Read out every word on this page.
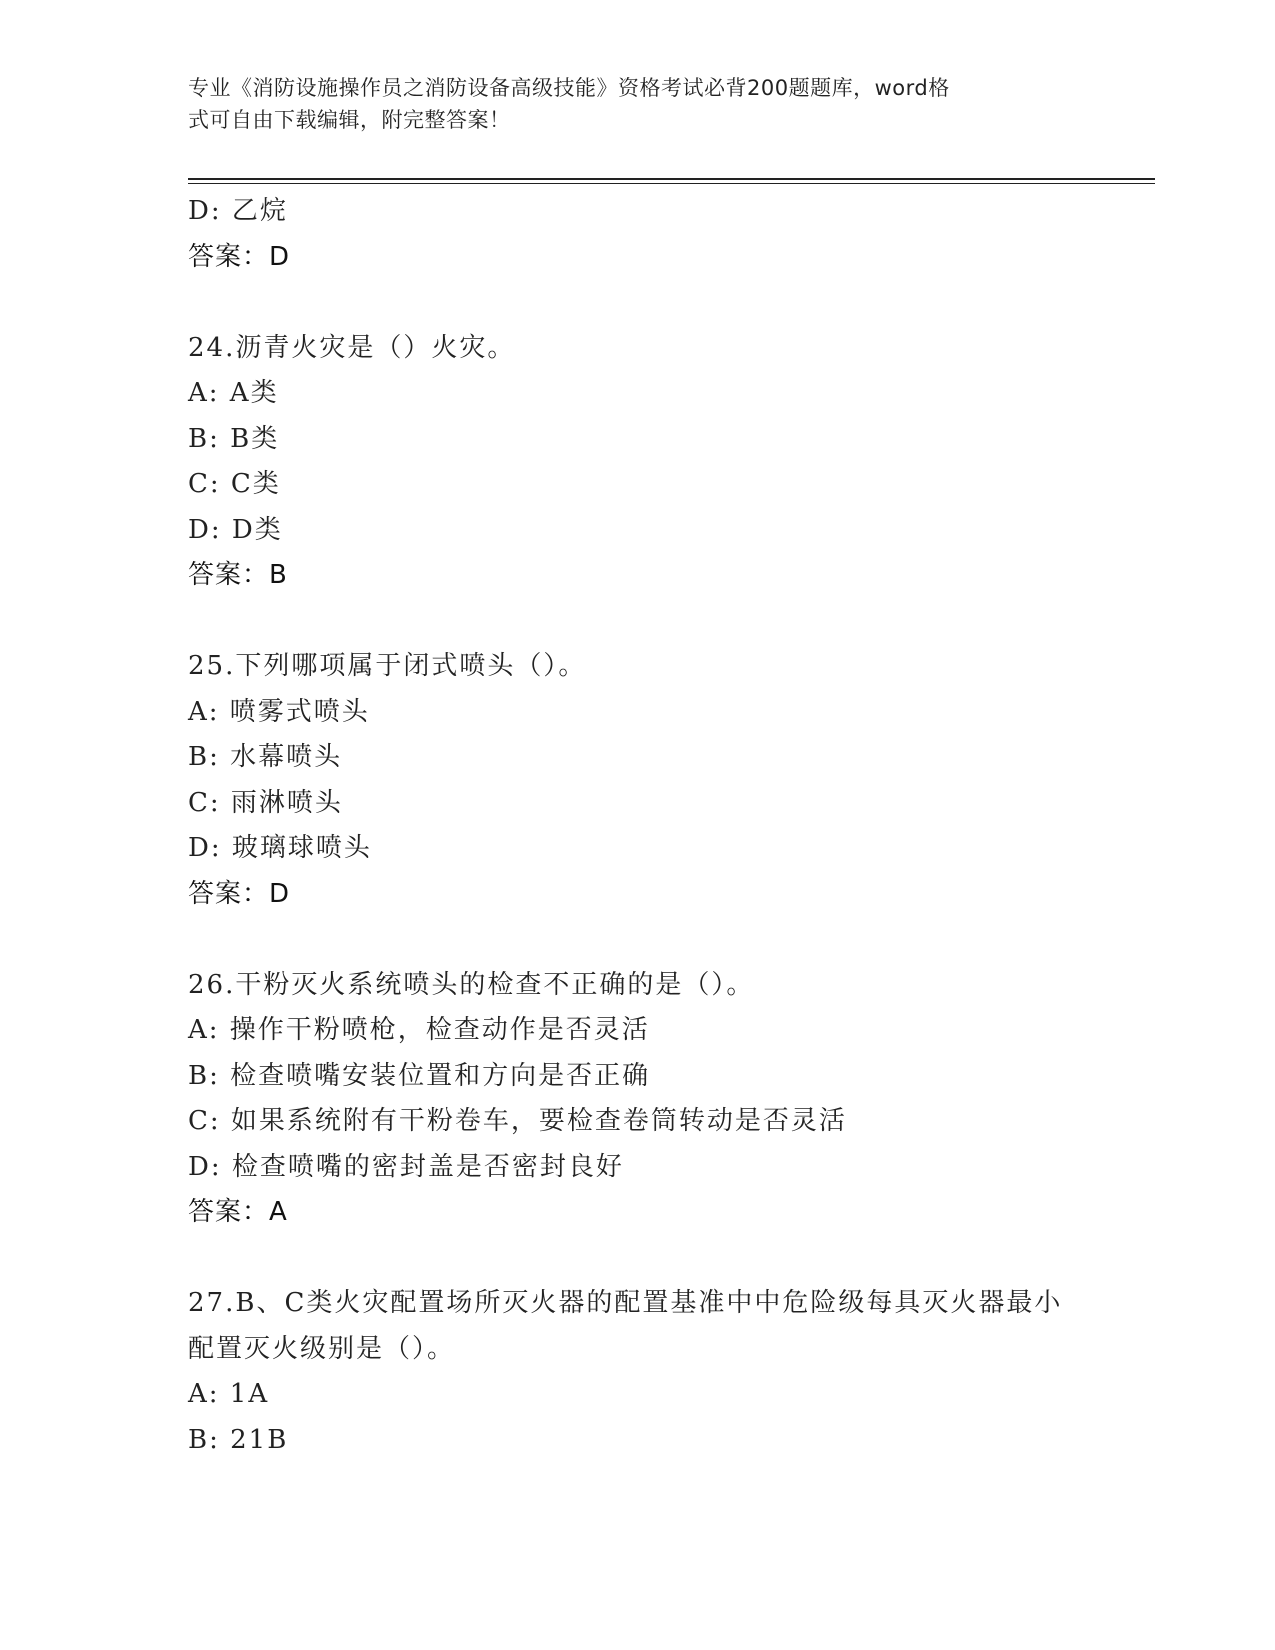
专业《消防设施操作员之消防设备高级技能》资格考试必背200题题库，word格
式可自由下载编辑，附完整答案！
D: 乙烷
答案：D
24.沥青火灾是（）火灾。
A: A类
B: B类
C: C类
D: D类
答案：B
25.下列哪项属于闭式喷头（）。
A: 喷雾式喷头
B: 水幕喷头
C: 雨淋喷头
D: 玻璃球喷头
答案：D
26.干粉灭火系统喷头的检查不正确的是（）。
A: 操作干粉喷枪，检查动作是否灵活
B: 检查喷嘴安装位置和方向是否正确
C: 如果系统附有干粉卷车，要检查卷筒转动是否灵活
D: 检查喷嘴的密封盖是否密封良好
答案：A
27.B、C类火灾配置场所灭火器的配置基准中中危险级每具灭火器最小
配置灭火级别是（）。
A: 1A
B: 21B
